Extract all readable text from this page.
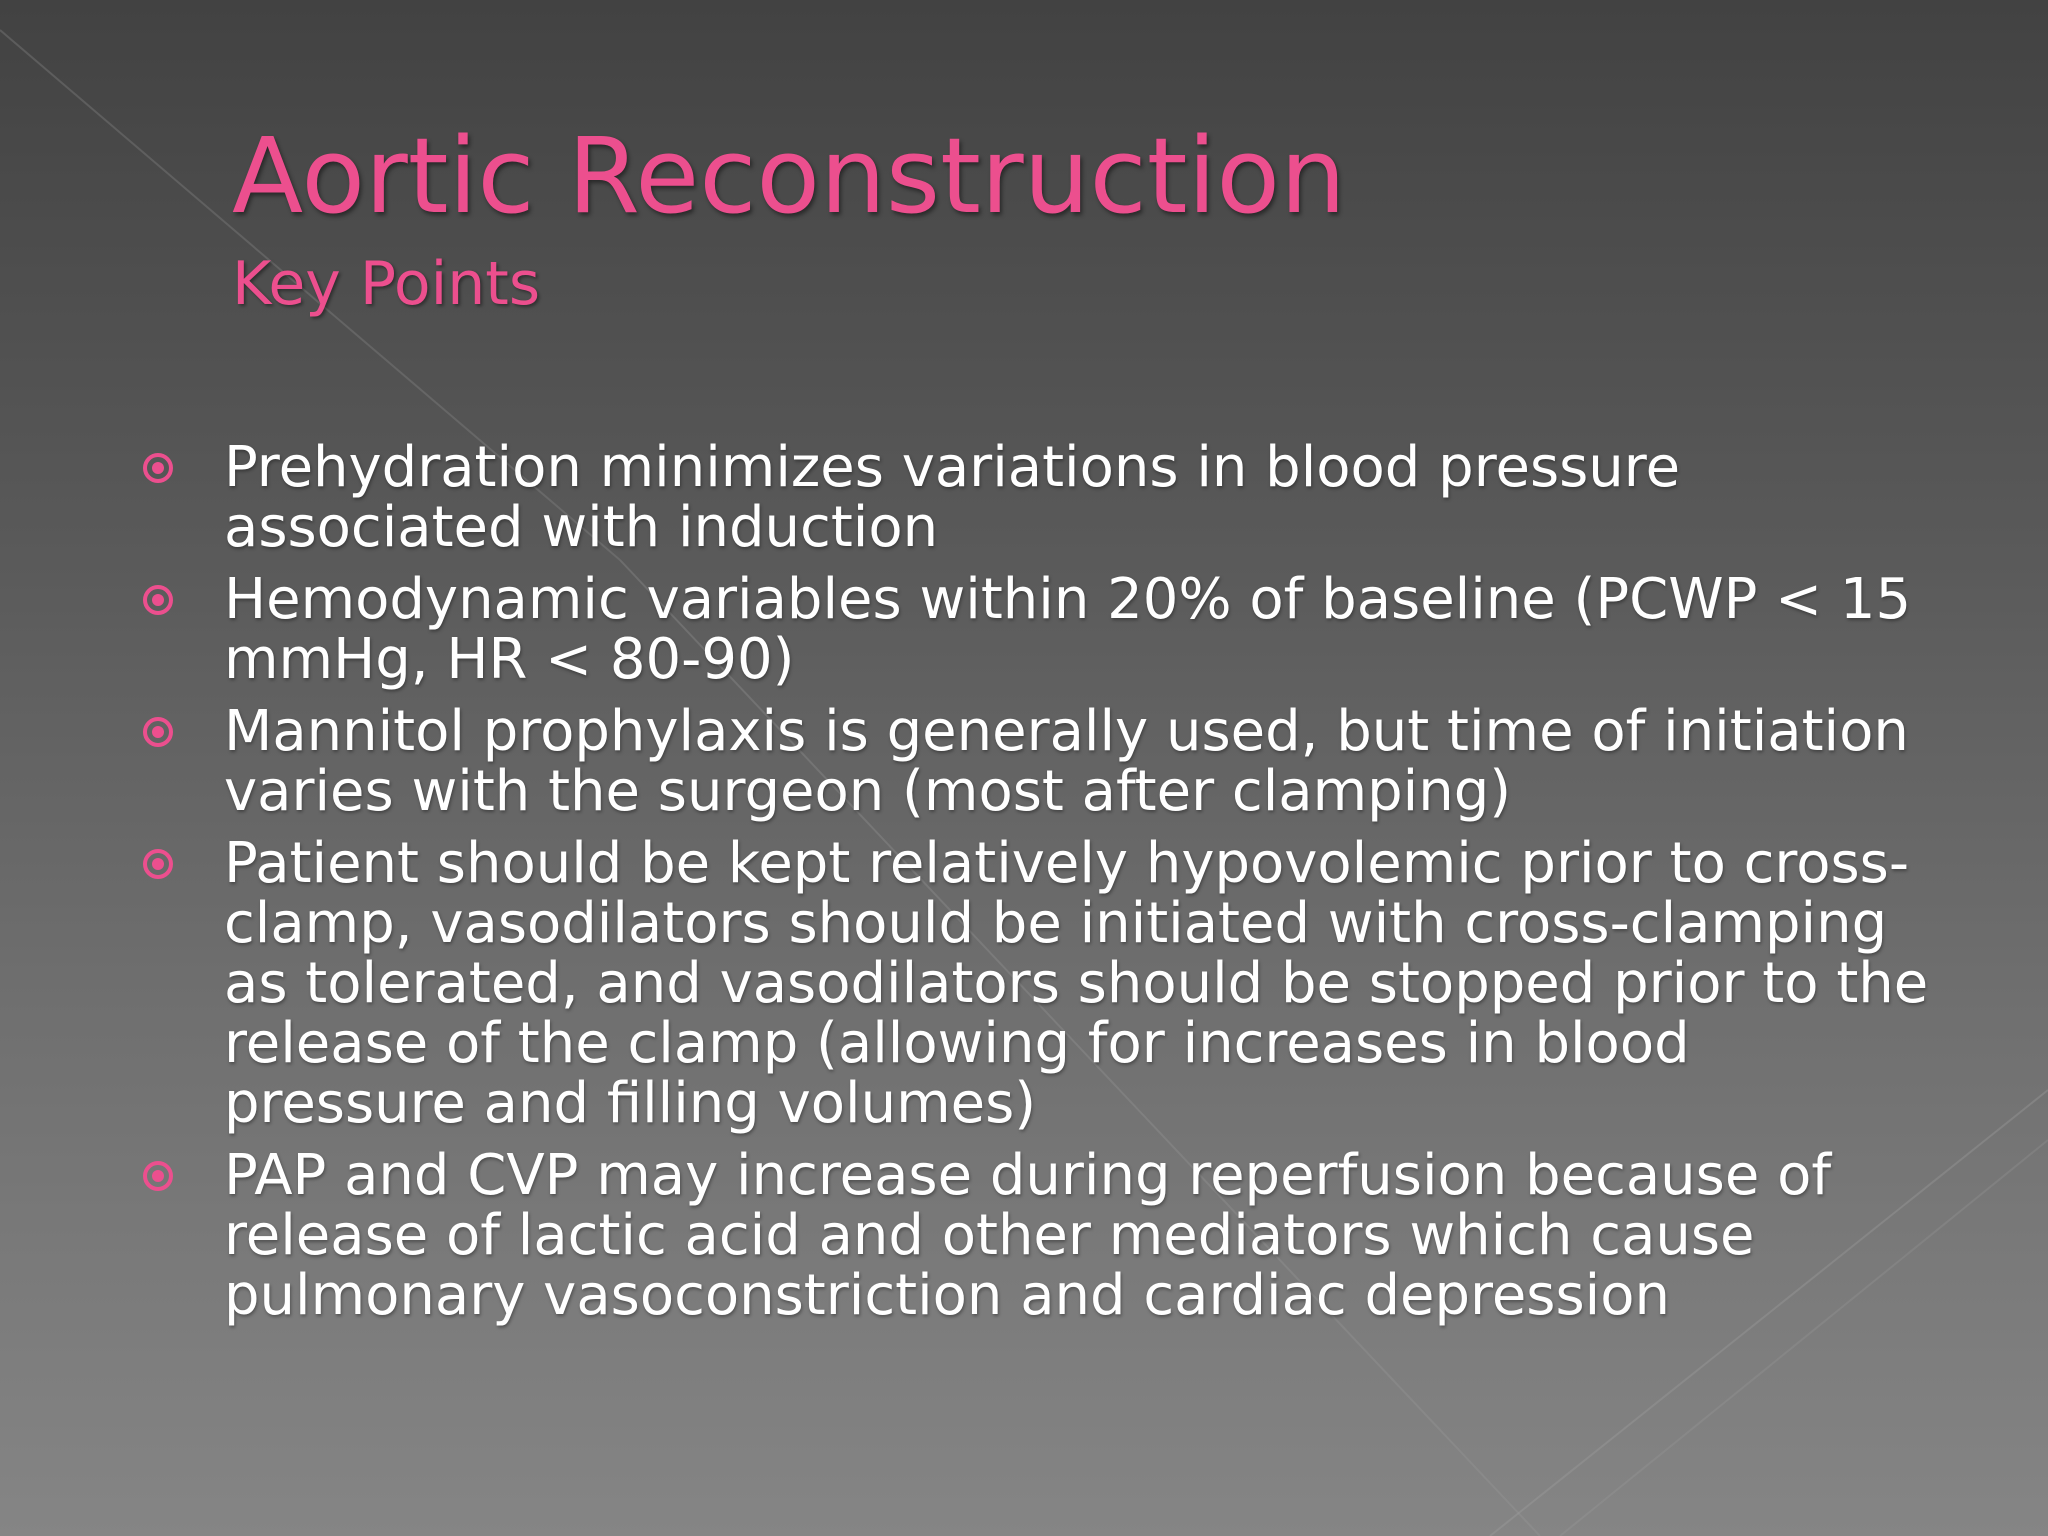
Aortic Reconstruction
Key Points
Prehydration minimizes variations in blood pressure associated with induction
Hemodynamic variables within 20% of baseline (PCWP < 15 mmHg, HR < 80-90)
Mannitol prophylaxis is generally used, but time of initiation varies with the surgeon (most after clamping)
Patient should be kept relatively hypovolemic prior to cross-clamp, vasodilators should be initiated with cross-clamping as tolerated, and vasodilators should be stopped prior to the release of the clamp (allowing for increases in blood pressure and filling volumes)
PAP and CVP may increase during reperfusion because of release of lactic acid and other mediators which cause pulmonary vasoconstriction and cardiac depression
